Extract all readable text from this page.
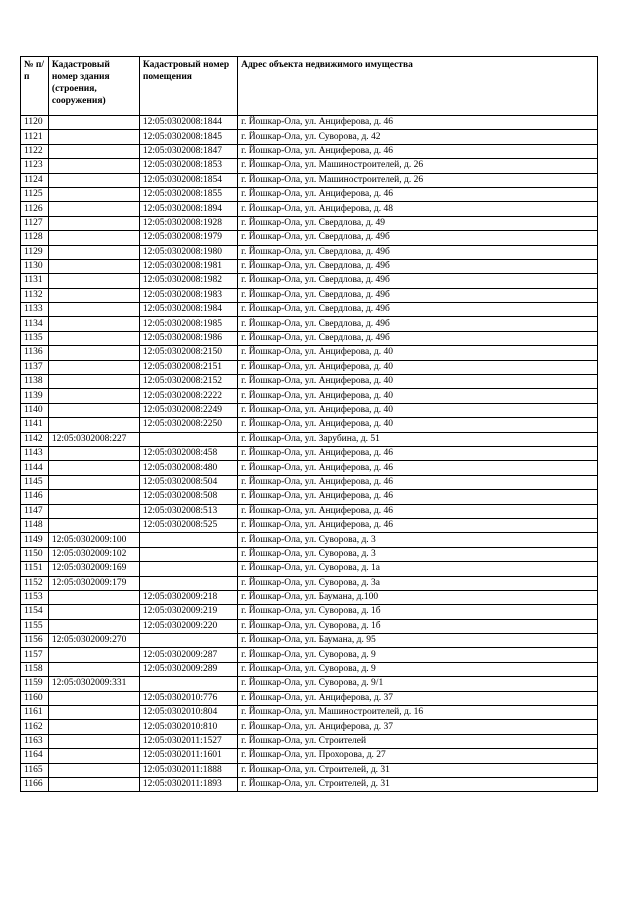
№ п/п	Кадастровый номер здания (строения, сооружения)	Кадастровый номер помещения	Адрес объекта недвижимого имущества
1120		12:05:0302008:1844	г. Йошкар-Ола, ул. Анциферова, д. 46
1121		12:05:0302008:1845	г. Йошкар-Ола, ул. Суворова, д. 42
1122		12:05:0302008:1847	г. Йошкар-Ола, ул. Анциферова, д. 46
1123		12:05:0302008:1853	г. Йошкар-Ола, ул. Машиностроителей, д. 26
1124		12:05:0302008:1854	г. Йошкар-Ола, ул. Машиностроителей, д. 26
1125		12:05:0302008:1855	г. Йошкар-Ола, ул. Анциферова, д. 46
1126		12:05:0302008:1894	г. Йошкар-Ола, ул. Анциферова, д. 48
1127		12:05:0302008:1928	г. Йошкар-Ола, ул. Свердлова, д. 49
1128		12:05:0302008:1979	г. Йошкар-Ола, ул. Свердлова, д. 49б
1129		12:05:0302008:1980	г. Йошкар-Ола, ул. Свердлова, д. 49б
1130		12:05:0302008:1981	г. Йошкар-Ола, ул. Свердлова, д. 49б
1131		12:05:0302008:1982	г. Йошкар-Ола, ул. Свердлова, д. 49б
1132		12:05:0302008:1983	г. Йошкар-Ола, ул. Свердлова, д. 49б
1133		12:05:0302008:1984	г. Йошкар-Ола, ул. Свердлова, д. 49б
1134		12:05:0302008:1985	г. Йошкар-Ола, ул. Свердлова, д. 49б
1135		12:05:0302008:1986	г. Йошкар-Ола, ул. Свердлова, д. 49б
1136		12:05:0302008:2150	г. Йошкар-Ола, ул. Анциферова, д. 40
1137		12:05:0302008:2151	г. Йошкар-Ола, ул. Анциферова, д. 40
1138		12:05:0302008:2152	г. Йошкар-Ола, ул. Анциферова, д. 40
1139		12:05:0302008:2222	г. Йошкар-Ола, ул. Анциферова, д. 40
1140		12:05:0302008:2249	г. Йошкар-Ола, ул. Анциферова, д. 40
1141		12:05:0302008:2250	г. Йошкар-Ола, ул. Анциферова, д. 40
1142	12:05:0302008:227		г. Йошкар-Ола, ул. Зарубина, д. 51
1143		12:05:0302008:458	г. Йошкар-Ола, ул. Анциферова, д. 46
1144		12:05:0302008:480	г. Йошкар-Ола, ул. Анциферова, д. 46
1145		12:05:0302008:504	г. Йошкар-Ола, ул. Анциферова, д. 46
1146		12:05:0302008:508	г. Йошкар-Ола, ул. Анциферова, д. 46
1147		12:05:0302008:513	г. Йошкар-Ола, ул. Анциферова, д. 46
1148		12:05:0302008:525	г. Йошкар-Ола, ул. Анциферова, д. 46
1149	12:05:0302009:100		г. Йошкар-Ола, ул. Суворова, д. 3
1150	12:05:0302009:102		г. Йошкар-Ола, ул. Суворова, д. 3
1151	12:05:0302009:169		г. Йошкар-Ола, ул. Суворова, д. 1а
1152	12:05:0302009:179		г. Йошкар-Ола, ул. Суворова, д. 3а
1153		12:05:0302009:218	г. Йошкар-Ола, ул. Баумана, д.100
1154		12:05:0302009:219	г. Йошкар-Ола, ул. Суворова, д. 1б
1155		12:05:0302009:220	г. Йошкар-Ола, ул. Суворова, д. 1б
1156	12:05:0302009:270		г. Йошкар-Ола, ул. Баумана, д. 95
1157		12:05:0302009:287	г. Йошкар-Ола, ул. Суворова, д. 9
1158		12:05:0302009:289	г. Йошкар-Ола, ул. Суворова, д. 9
1159	12:05:0302009:331		г. Йошкар-Ола, ул. Суворова, д. 9/1
1160		12:05:0302010:776	г. Йошкар-Ола, ул. Анциферова, д. 37
1161		12:05:0302010:804	г. Йошкар-Ола, ул. Машиностроителей, д. 16
1162		12:05:0302010:810	г. Йошкар-Ола, ул. Анциферова, д. 37
1163		12:05:0302011:1527	г. Йошкар-Ола, ул. Строителей
1164		12:05:0302011:1601	г. Йошкар-Ола, ул. Прохорова, д. 27
1165		12:05:0302011:1888	г. Йошкар-Ола, ул. Строителей, д. 31
1166		12:05:0302011:1893	г. Йошкар-Ола, ул. Строителей, д. 31
